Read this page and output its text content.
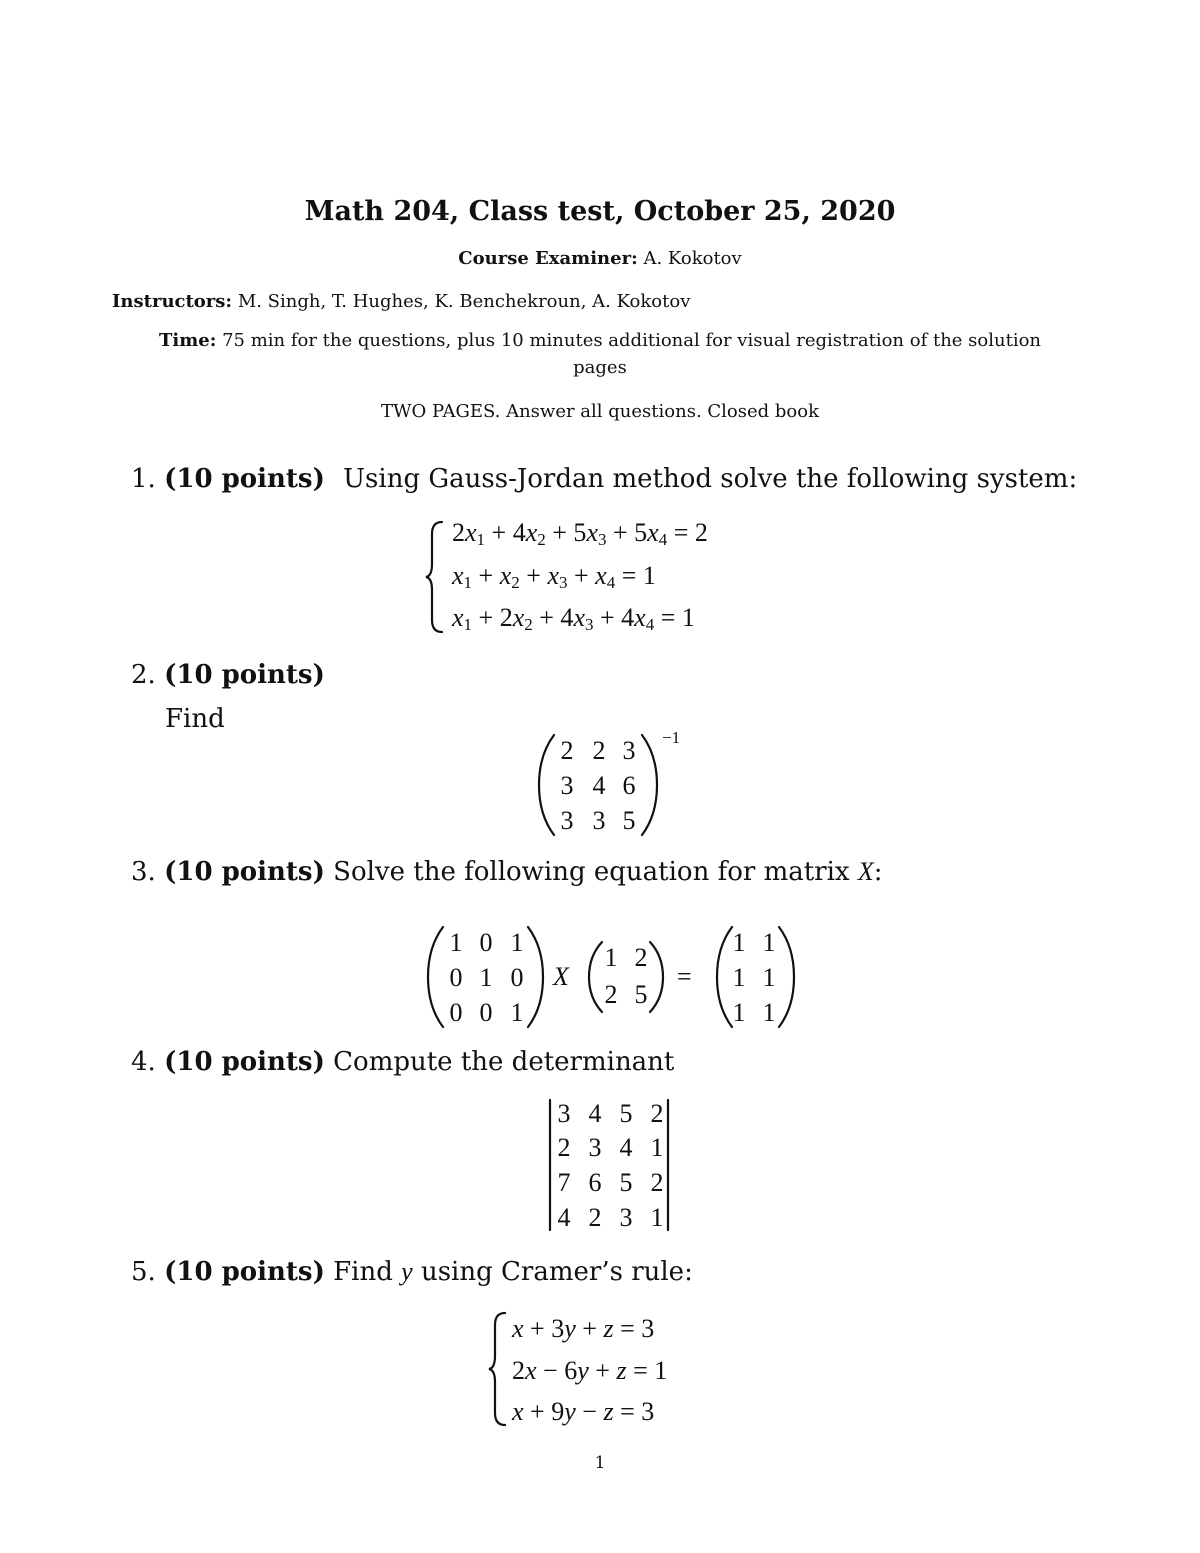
Math 204, Class test, October 25, 2020
Course Examiner: A. Kokotov
Instructors: M. Singh, T. Hughes, K. Benchekroun, A. Kokotov
Time: 75 min for the questions, plus 10 minutes additional for visual registration of the solution
pages
TWO PAGES. Answer all questions. Closed book
1. (10 points) Using Gauss-Jordan method solve the following system:
$2x_1 + 4x_2 + 5x_3 + 5x_4 = 2$
$x_1 + x_2 + x_3 + x_4 = 1$
$x_1 + 2x_2 + 4x_3 + 4x_4 = 1$
2. (10 points)
Find
2 2 3
3 4 6
3 3 5
−1
3. (10 points) Solve the following equation for matrix X:
1 0 1
0 1 0
0 0 1
X
1 2
2 5
=
1 1
1 1
1 1
4. (10 points) Compute the determinant
3 4 5 2
2 3 4 1
7 6 5 2
4 2 3 1
5. (10 points) Find y using Cramer’s rule:
x + 3y + z = 3
2x − 6y + z = 1
x + 9y − z = 3
1
